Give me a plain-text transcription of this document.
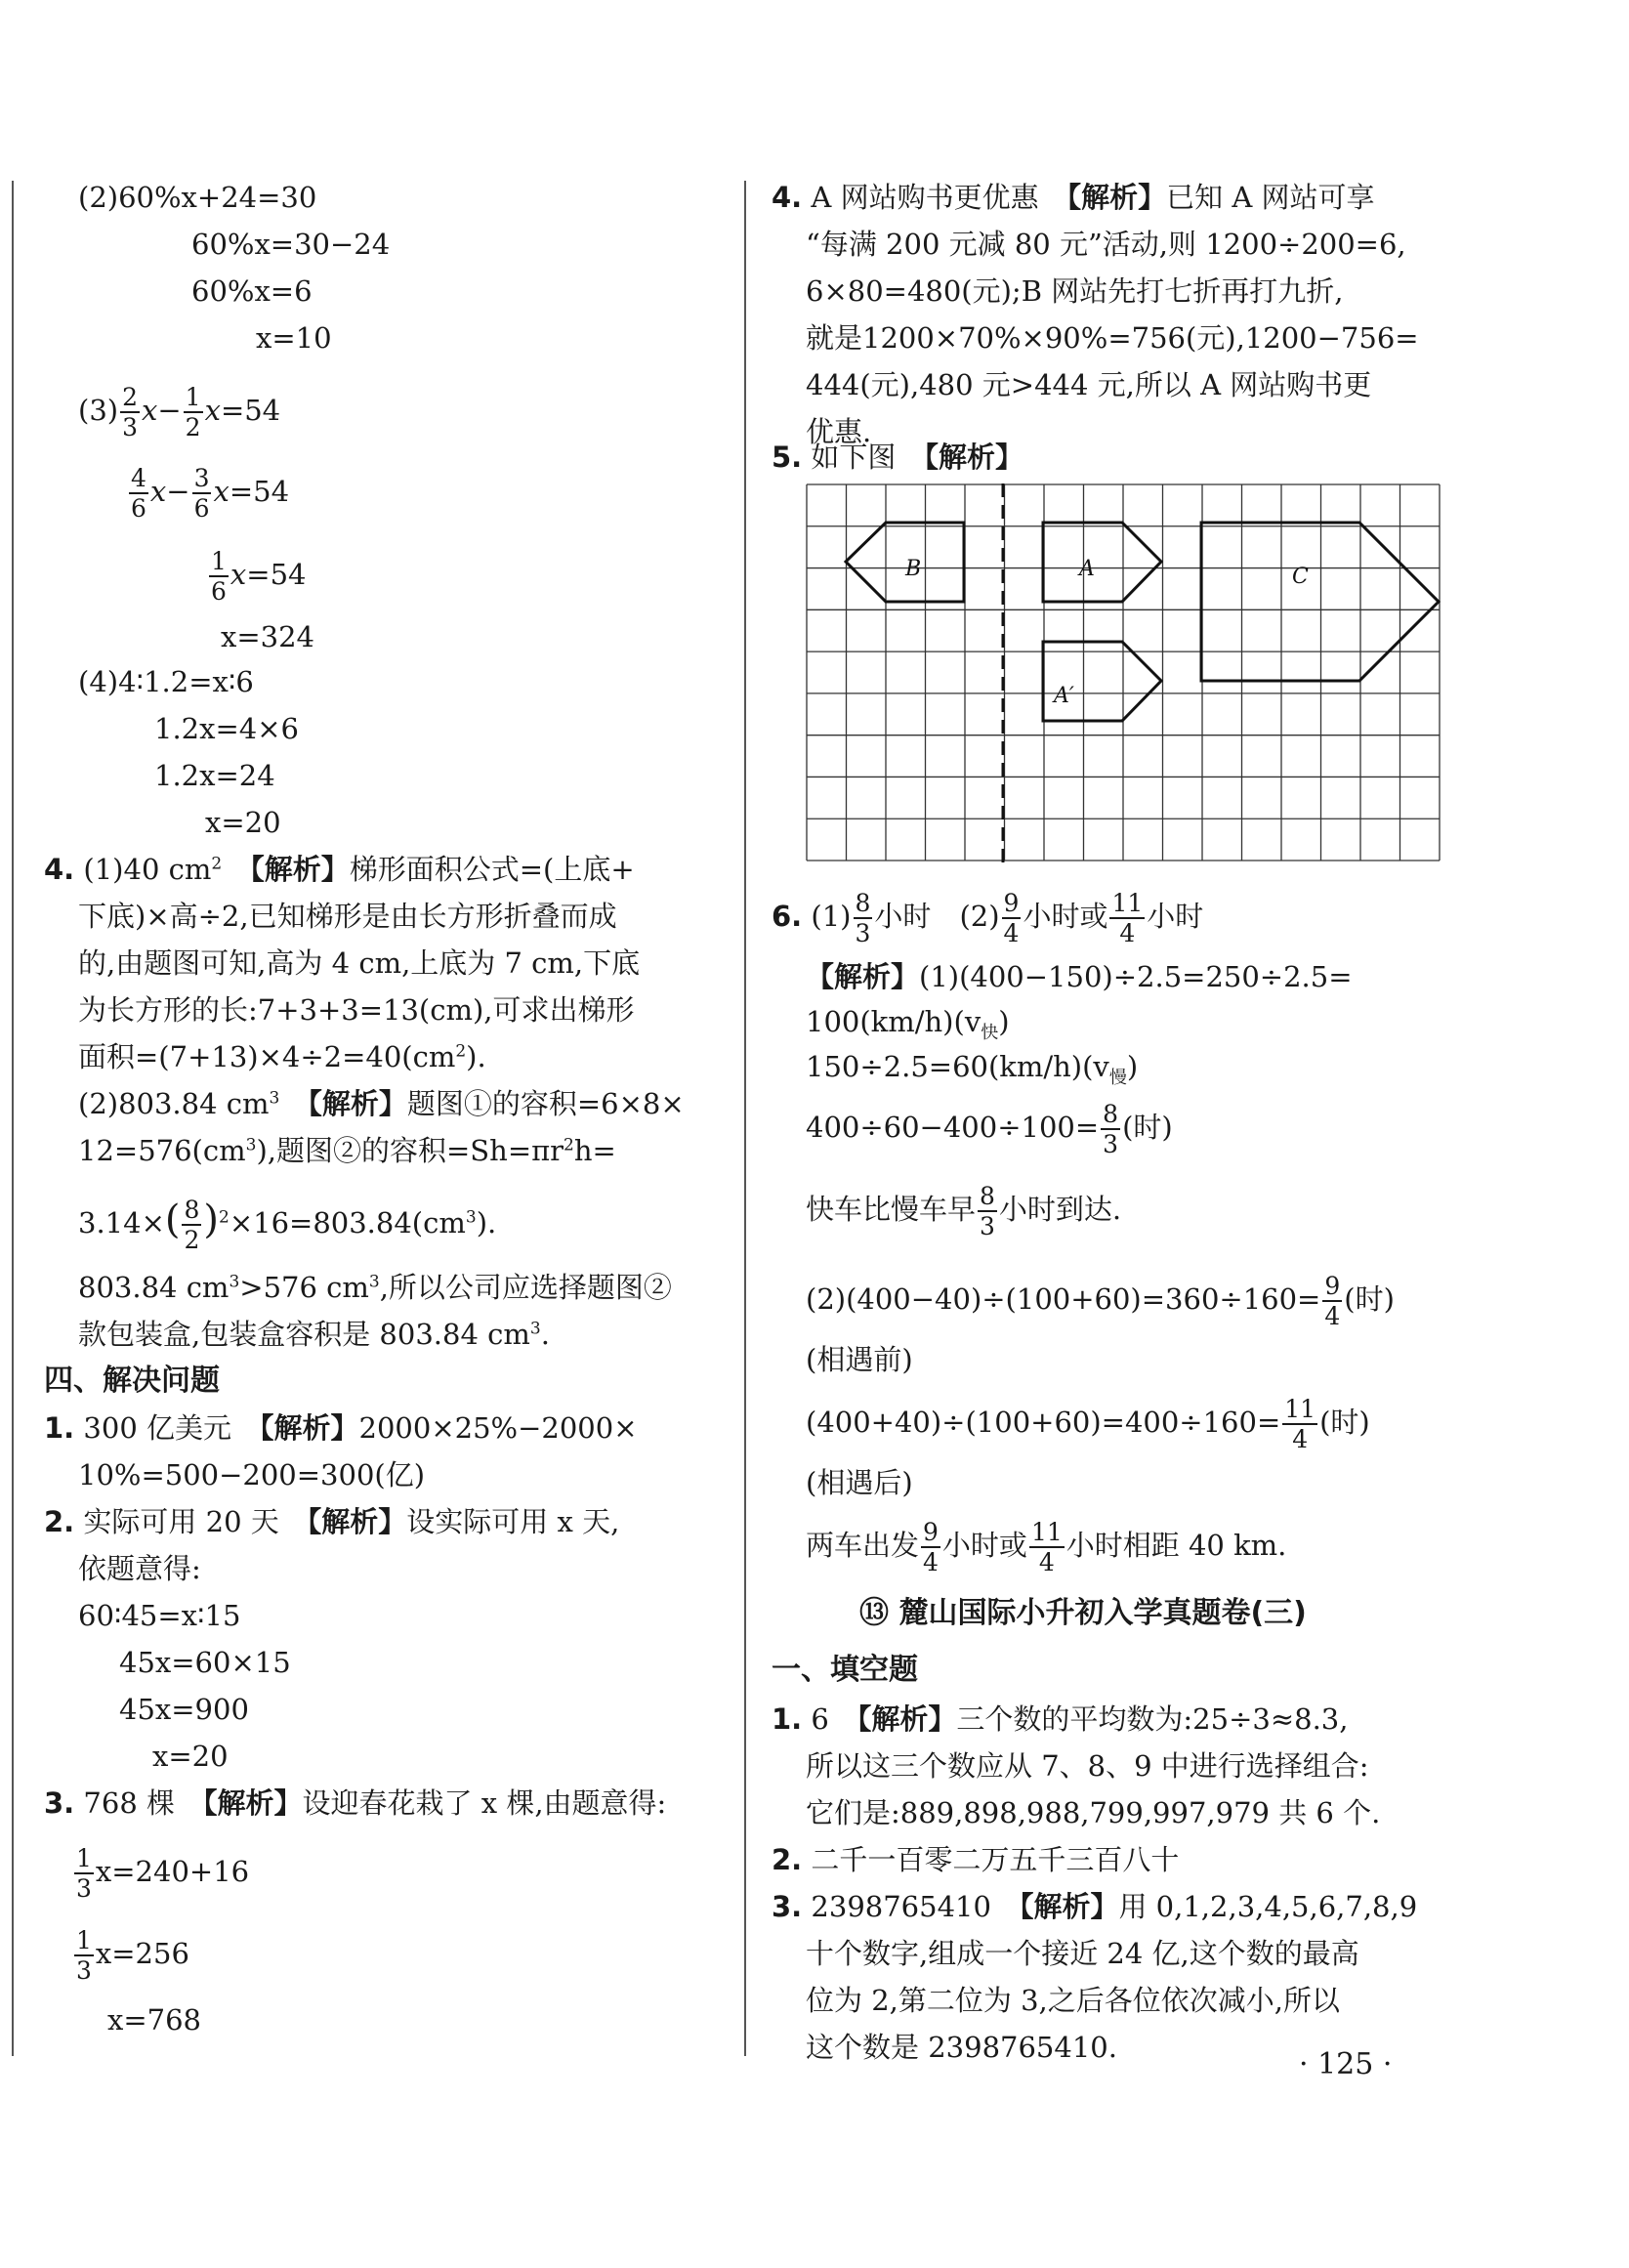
(2)60%x+24=30
60%x=30−24
60%x=6
x=10
$(3) \frac{2}{3} x- \frac{1}{2} x=54$
$\frac{4}{6} x- \frac{3}{6} x=54$
$\frac{1}{6} x=54$
x=324
(4)4∶1.2=x∶6
1.2x=4×6
1.2x=24
x=20
4. (1)40 $cm^2$　 【解析】梯形面积公式=(上底+
下底)×高÷2,已知梯形是由长方形折叠而成
的,由题图可知,高为 4 cm,上底为 7 cm,下底
为长方形的长:7+3+3=13(cm),可求出梯形
面积$=(7+13)\times 4\div 2=40(cm^2)$.
(2)803.84 $cm^3$　 【解析】题图①的容积=6×8×
$12=576(cm^3)$,题图②的容积$=Sh=\pi r^2h=$
$3.14\times( \frac{8}{2} )^2\times 16=803.84(cm^3)$.
803.84 $cm^3>576$ $cm^3$,所以公司应选择题图②
款包装盒,包装盒容积是 803.84 $cm^3$.
四、解决问题
1. 300 亿美元　 【解析】2000×25%−2000×
10%=500−200=300(亿)
2. 实际可用 20 天　 【解析】设实际可用 x 天,
依题意得:
60∶45=x∶15
45x=60×15
45x=900
x=20
3. 768 棵　 【解析】设迎春花栽了 x 棵,由题意得:
$\frac{1}{3} x=240+16$
$\frac{1}{3} x=256$
x=768
4. A 网站购书更优惠　 【解析】已知 A 网站可享
“每满 200 元减 80 元”活动,则 1200÷200=6,
6×80=480(元);B 网站先打七折再打九折,
就是1200×70%×90%=756(元),1200−756=
444(元),480 元>444 元,所以 A 网站购书更
优惠.
5. 如下图　 【解析】
B	A	C
A′
6. $(1) \frac{8}{3}$ 小时　 $(2) \frac{9}{4}$ 小时或 $\frac{11}{4}$ 小时
【解析】(1)(400−150)÷2.5=250÷2.5=
$100(km/h)(v_快)$
$150\div 2.5=60(km/h)(v_慢)$
$400\div 60-400\div 100= \frac{8}{3}$ (时)
快车比慢车早 $\frac{8}{3}$ 小时到达.
$(2)(400-40)\div(100+60)=360\div 160= \frac{9}{4}$ (时)
(相遇前)
$(400+40)\div(100+60)=400\div 160= \frac{11}{4}$ (时)
(相遇后)
两车出发 $\frac{9}{4}$ 小时或 $\frac{11}{4}$ 小时相距 40 km.
⑬ 麓山国际小升初入学真题卷(三)
一、填空题
1. 6　 【解析】三个数的平均数为:25÷3≈8.3,
所以这三个数应从 7、8、9 中进行选择组合:
它们是:889,898,988,799,997,979 共 6 个.
2. 二千一百零二万五千三百八十
3. 2398765410　 【解析】用 0,1,2,3,4,5,6,7,8,9
十个数字,组成一个接近 24 亿,这个数的最高
位为 2,第二位为 3,之后各位依次减小,所以
这个数是 2398765410.	· 125 ·
